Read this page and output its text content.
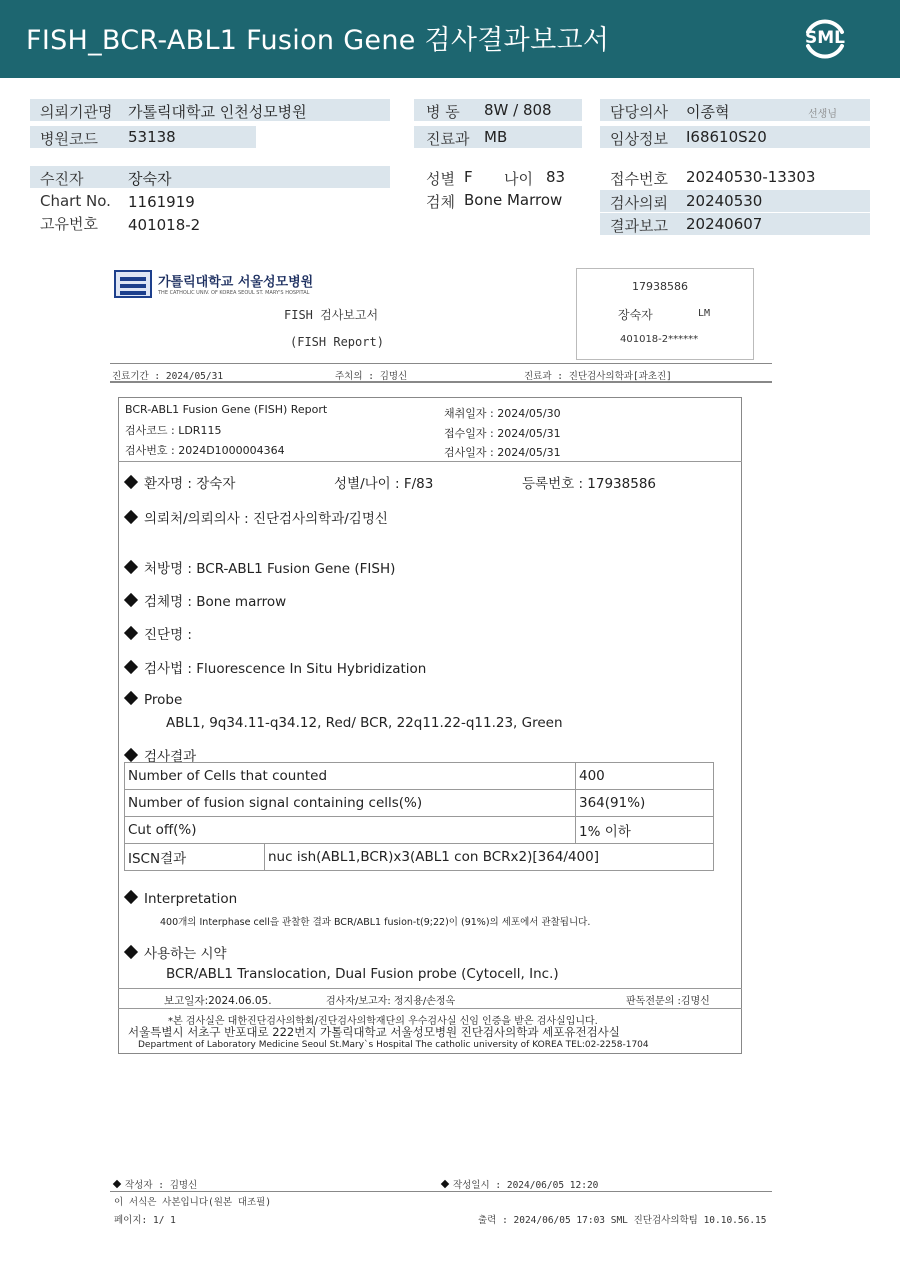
FISH_BCR-ABL1 Fusion Gene 검사결과보고서	SML
의뢰기관명 가톨릭대학교 인천성모병원
병원코드 53138
병 동 8W / 808
진료과 MB
담당의사 이종혁	선생님
임상정보 I68610S20
수진자	장숙자
Chart No. 1161919
고유번호 401018-2
성별 F 나이 83
검체 Bone Marrow
접수번호 20240530-13303
검사의뢰 20240530
결과보고 20240607
가톨릭대학교 서울성모병원
THE CATHOLIC UNIV. OF KOREA SEOUL ST. MARY'S HOSPITAL
FISH 검사보고서
(FISH Report)
17938586
장숙자	LM
401018-2******
진료기간 : 2024/05/31	주치의 : 김명신	진료과 : 진단검사의학과[과초진]
BCR-ABL1 Fusion Gene (FISH) Report
검사코드 : LDR115
검사번호 : 2024D1000004364
채취일자 : 2024/05/30
접수일자 : 2024/05/31
검사일자 : 2024/05/31
환자명 : 장숙자	성별/나이 : F/83	등록번호 : 17938586
의뢰처/의뢰의사 : 진단검사의학과/김명신
처방명 : BCR-ABL1 Fusion Gene (FISH)
검체명 : Bone marrow
진단명 :
검사법 : Fluorescence In Situ Hybridization
Probe
ABL1, 9q34.11-q34.12, Red/ BCR, 22q11.22-q11.23, Green
검사결과
Number of Cells that counted		400
Number of fusion signal containing cells(%)		364(91%)
Cut off(%)		1% 이하
ISCN결과	nuc ish(ABL1,BCR)x3(ABL1 con BCRx2)[364/400]	
Interpretation
400개의 Interphase cell을 관찰한 결과 BCR/ABL1 fusion-t(9;22)이 (91%)의 세포에서 관찰됩니다.
사용하는 시약
BCR/ABL1 Translocation, Dual Fusion probe (Cytocell, Inc.)
보고일자:2024.06.05.	검사자/보고자: 정지용/손정옥	판독전문의 :김명신
*본 검사실은 대한진단검사의학회/진단검사의학재단의 우수검사실 신임 인증을 받은 검사실입니다.
서울특별시 서초구 반포대로 222번지 가톨릭대학교 서울성모병원 진단검사의학과 세포유전검사실
Department of Laboratory Medicine Seoul St.Mary`s Hospital The catholic university of KOREA TEL:02-2258-1704
작성자 : 김명신	작성일시 : 2024/06/05 12:20
이 서식은 사본입니다(원본 대조필)
페이지: 1/ 1	출력 : 2024/06/05 17:03 SML 진단검사의학팀 10.10.56.15
